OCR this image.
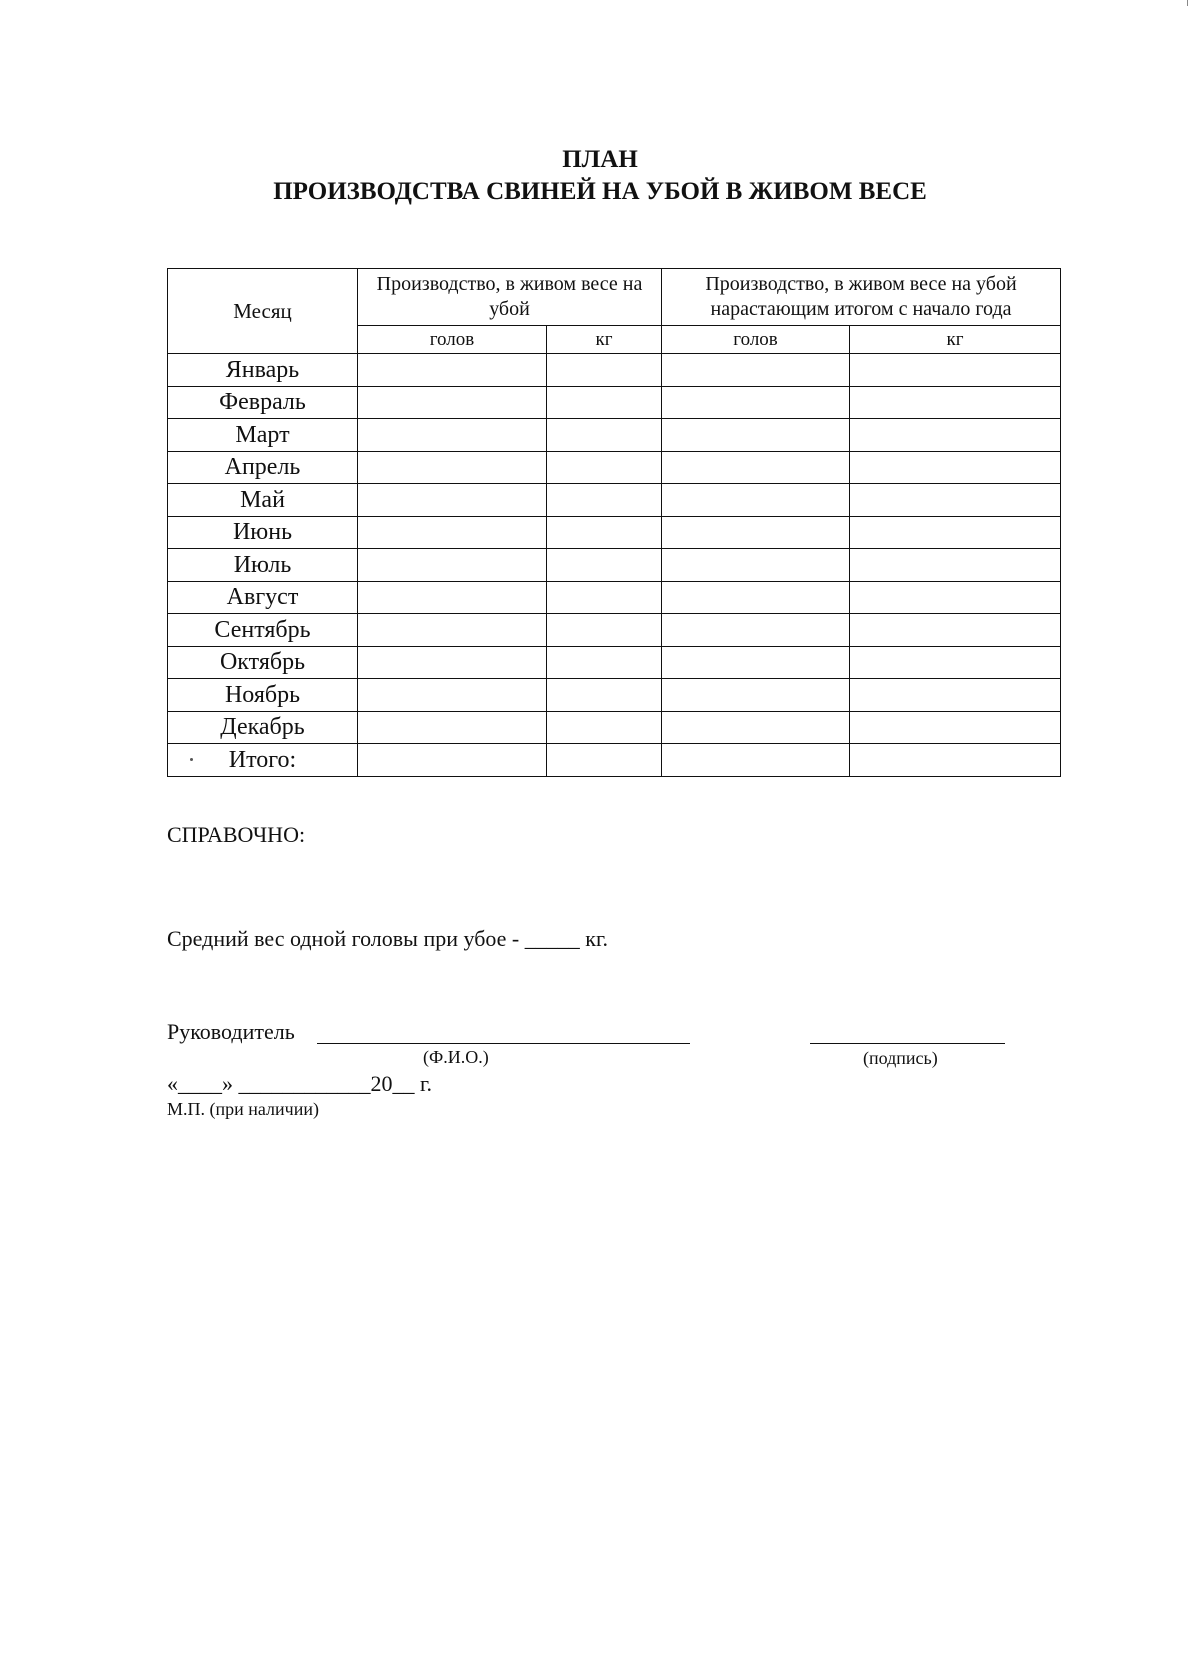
ПЛАН
ПРОИЗВОДСТВА СВИНЕЙ НА УБОЙ В ЖИВОМ ВЕСЕ
Месяц	Производство, в живом весе на убой		Производство, в живом весе на убой нарастающим итогом с начало года	
	голов	кг	голов	кг
Январь				
Февраль				
Март				
Апрель				
Май				
Июнь				
Июль				
Август				
Сентябрь				
Октябрь				
Ноябрь				
Декабрь				

Итого:				
СПРАВОЧНО:
Средний вес одной головы при убое - _____ кг.
Руководитель
(Ф.И.О.)	(подпись)
«____» ____________20__ г.
М.П. (при наличии)
